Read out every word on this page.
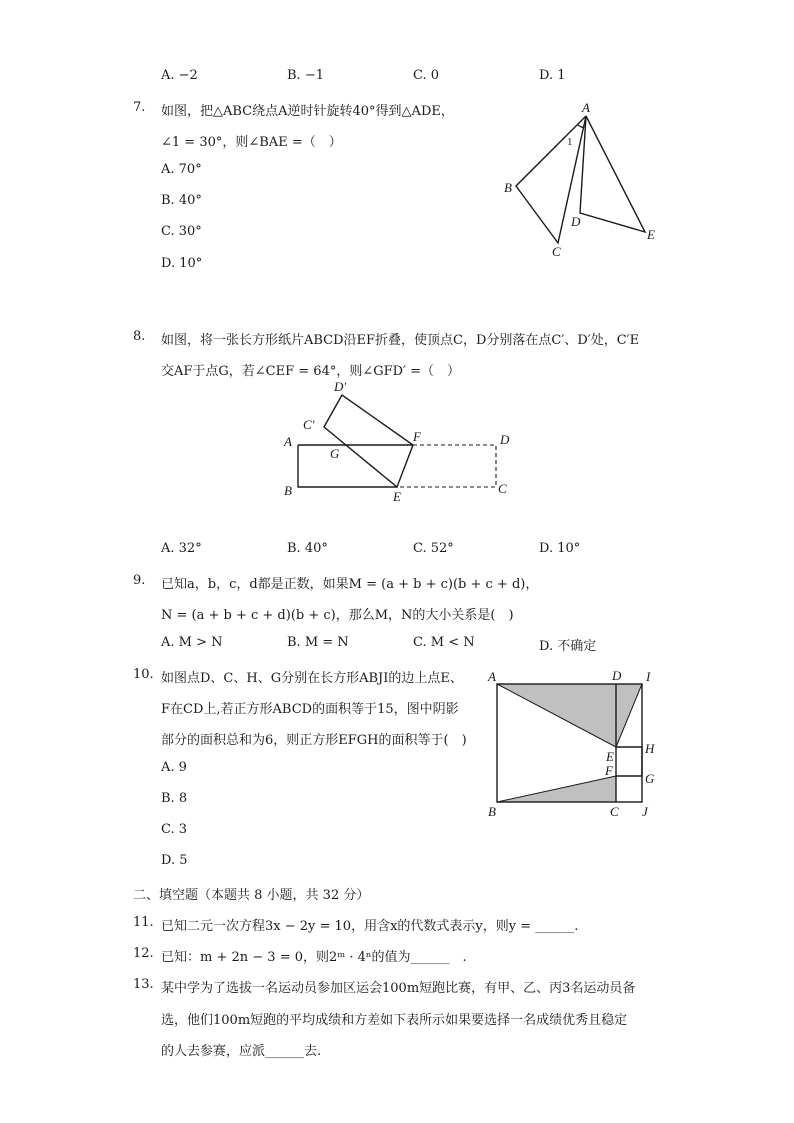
A. −2	B. −1	C. 0	D. 1
7. 如图，把△ABC绕点A逆时针旋转40°得到△ADE，
∠1 = 30°，则∠BAE =（　）
A. 70°
B. 40°
C. 30°
D. 10°
A
B
C
D
E
1
8. 如图，将一张长方形纸片ABCD沿EF折叠，使顶点C，D分别落在点C′、D′处，C′E
交AF于点G，若∠CEF = 64°，则∠GFD′ =（　）
D′
C′
A
G
F	D
B	E
C
A. 32°	B. 40°	C. 52°	D. 10°
9. 已知a，b，c，d都是正数，如果M = (a + b + c)(b + c + d)，
N = (a + b + c + d)(b + c)，那么M，N的大小关系是(　)
A. M > N	B. M = N	C. M < N	D. 不确定
10. 如图点D、C、H、G分别在长方形ABJI的边上点E、
F在CD上,若正方形ABCD的面积等于15，图中阴影
部分的面积总和为6，则正方形EFGH的面积等于(　)
A. 9
B. 8
C. 3
D. 5
A	D I
E
H
F
G
B	C J
二、填空题（本题共 8 小题，共 32 分）
11. 已知二元一次方程3x − 2y = 10，用含x的代数式表示y，则y = ______.
12. 已知：m + 2n − 3 = 0，则2ᵐ · 4ⁿ的值为______　.
13. 某中学为了选拔一名运动员参加区运会100m短跑比赛，有甲、乙、丙3名运动员备
选，他们100m短跑的平均成绩和方差如下表所示如果要选择一名成绩优秀且稳定
的人去参赛，应派______去.
